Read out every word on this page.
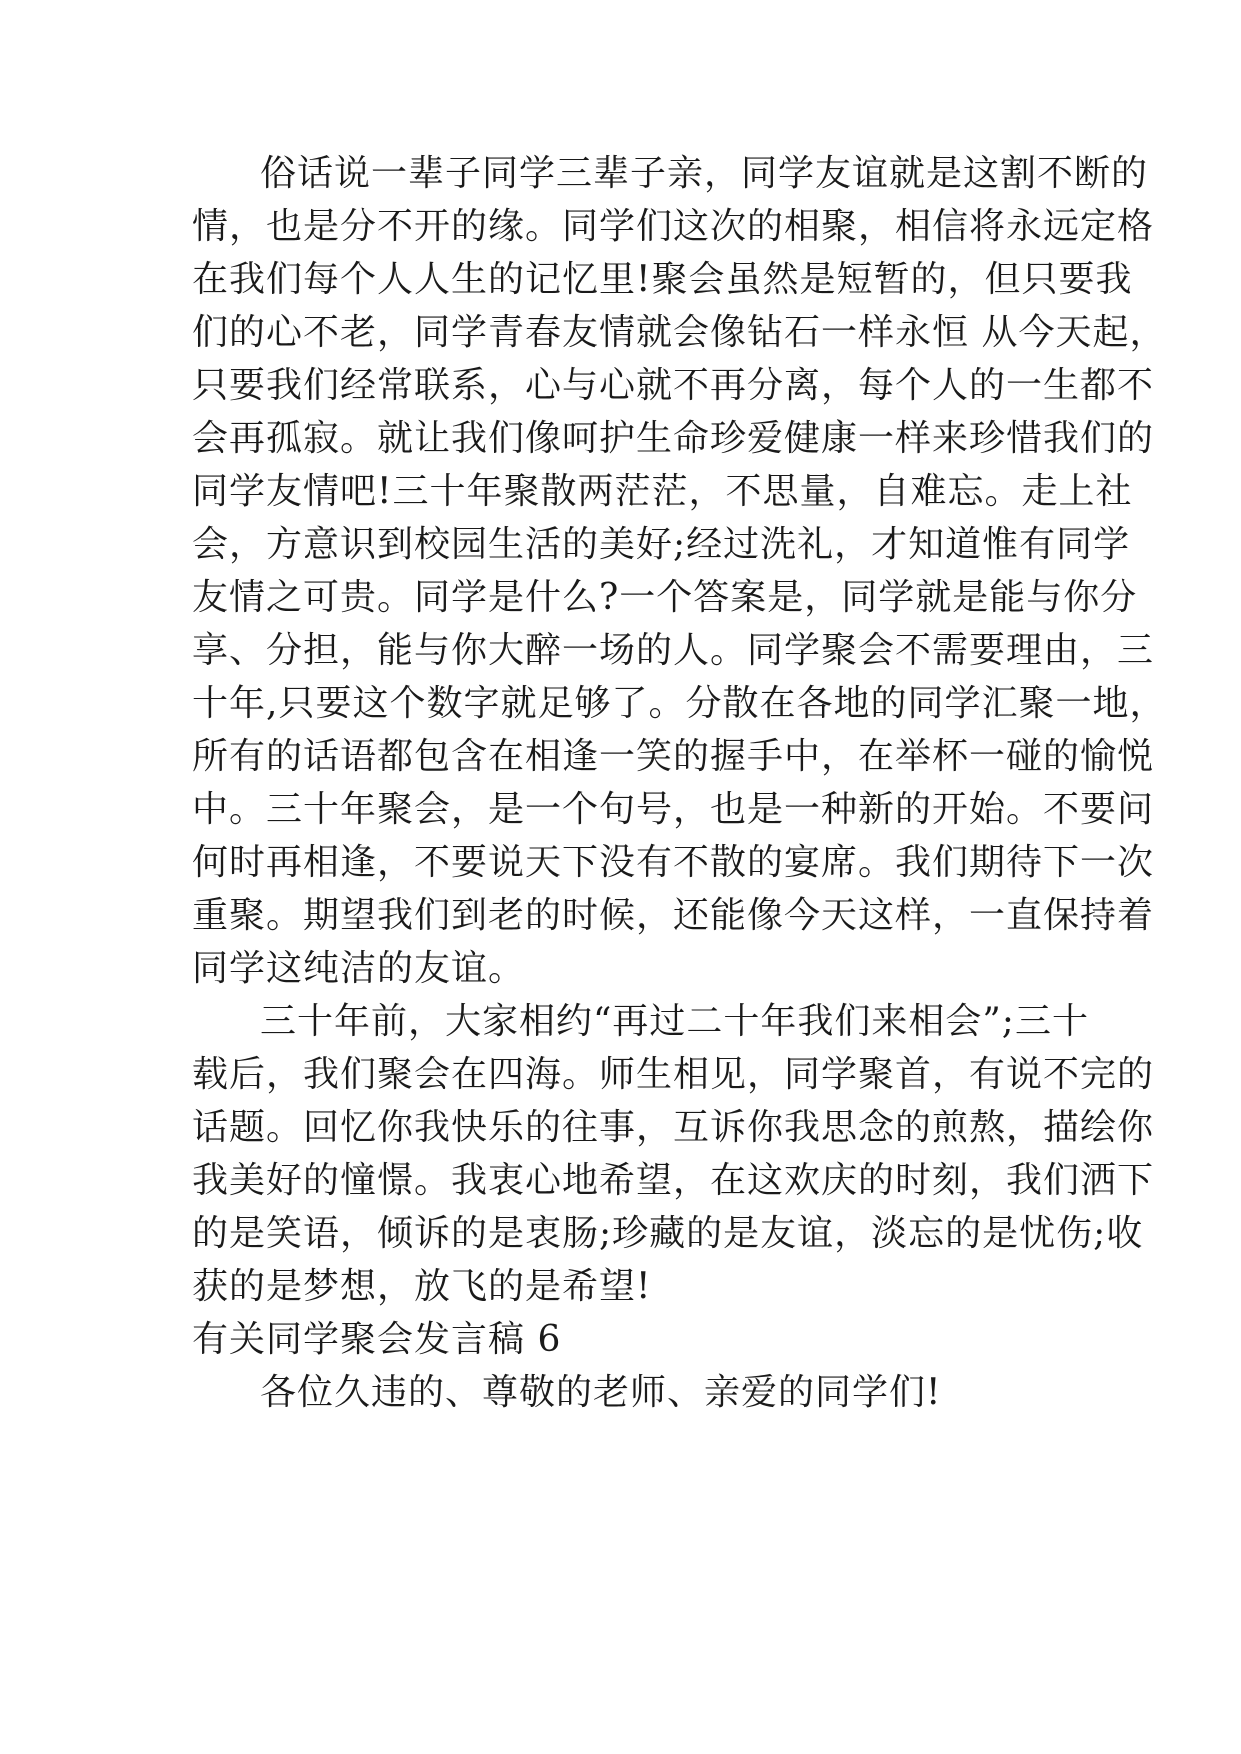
俗话说一辈子同学三辈子亲，同学友谊就是这割不断的
情，也是分不开的缘。同学们这次的相聚，相信将永远定格
在我们每个人人生的记忆里!聚会虽然是短暂的，但只要我
们的心不老，同学青春友情就会像钻石一样永恒 从今天起，
只要我们经常联系，心与心就不再分离，每个人的一生都不
会再孤寂。就让我们像呵护生命珍爱健康一样来珍惜我们的
同学友情吧!三十年聚散两茫茫，不思量，自难忘。走上社
会，方意识到校园生活的美好;经过洗礼，才知道惟有同学
友情之可贵。同学是什么?一个答案是，同学就是能与你分
享、分担，能与你大醉一场的人。同学聚会不需要理由，三
十年,只要这个数字就足够了。分散在各地的同学汇聚一地，
所有的话语都包含在相逢一笑的握手中，在举杯一碰的愉悦
中。三十年聚会，是一个句号，也是一种新的开始。不要问
何时再相逢，不要说天下没有不散的宴席。我们期待下一次
重聚。期望我们到老的时候，还能像今天这样，一直保持着
同学这纯洁的友谊。
三十年前，大家相约“再过二十年我们来相会”;三十
载后，我们聚会在四海。师生相见，同学聚首，有说不完的
话题。回忆你我快乐的往事，互诉你我思念的煎熬，描绘你
我美好的憧憬。我衷心地希望，在这欢庆的时刻，我们洒下
的是笑语，倾诉的是衷肠;珍藏的是友谊，淡忘的是忧伤;收
获的是梦想，放飞的是希望!
有关同学聚会发言稿 6
各位久违的、尊敬的老师、亲爱的同学们!
